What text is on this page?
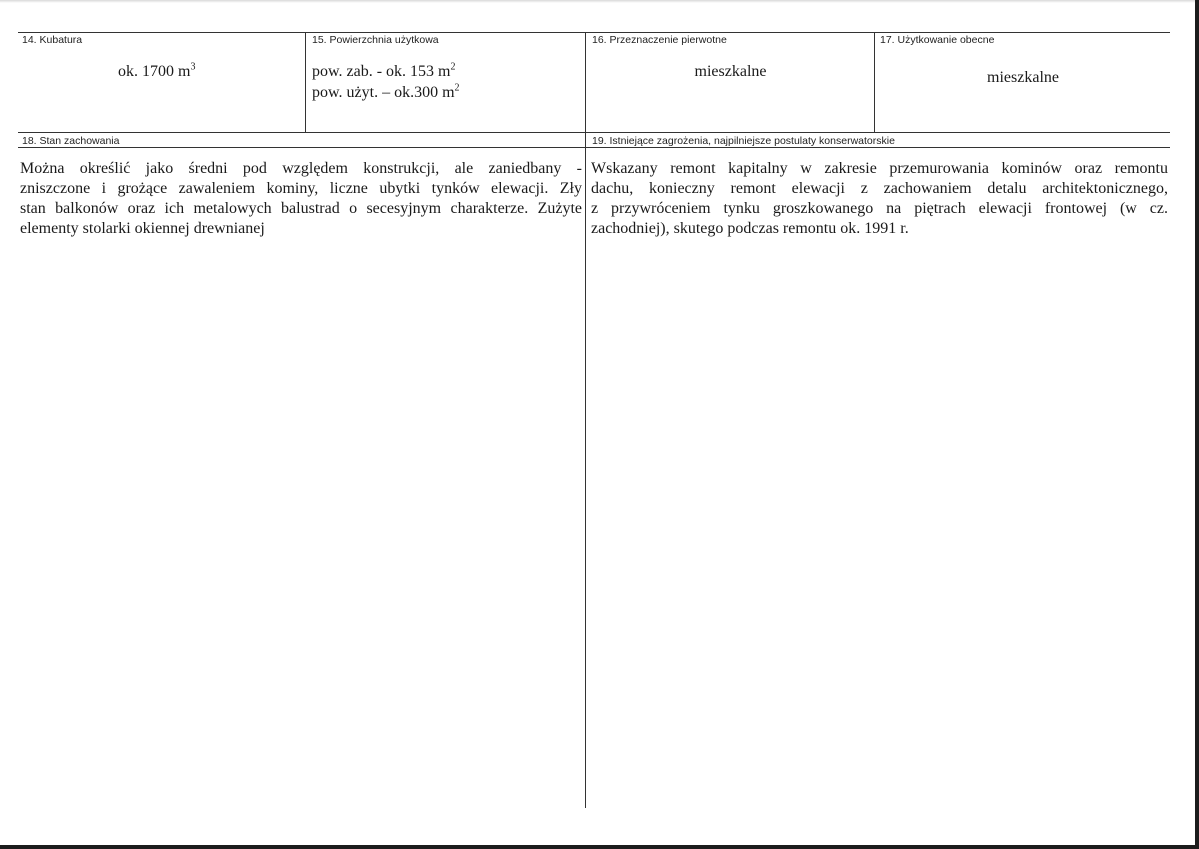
14. Kubatura
ok. 1700 $m^3$
15. Powierzchnia użytkowa
pow. zab. - ok. 153 $m^2$
pow. użyt. – ok.300 $m^2$
16. Przeznaczenie pierwotne
mieszkalne
17. Użytkowanie obecne
mieszkalne
18. Stan zachowania
Można określić jako średni pod względem konstrukcji, ale zaniedbany -
zniszczone i grożące zawaleniem kominy, liczne ubytki tynków elewacji. Zły
stan balkonów oraz ich metalowych balustrad o secesyjnym charakterze. Zużyte
elementy stolarki okiennej drewnianej
19. Istniejące zagrożenia, najpilniejsze postulaty konserwatorskie
Wskazany remont kapitalny w zakresie przemurowania kominów oraz remontu
dachu, konieczny remont elewacji z zachowaniem detalu architektonicznego,
z przywróceniem tynku groszkowanego na piętrach elewacji frontowej (w cz.
zachodniej), skutego podczas remontu ok. 1991 r.
